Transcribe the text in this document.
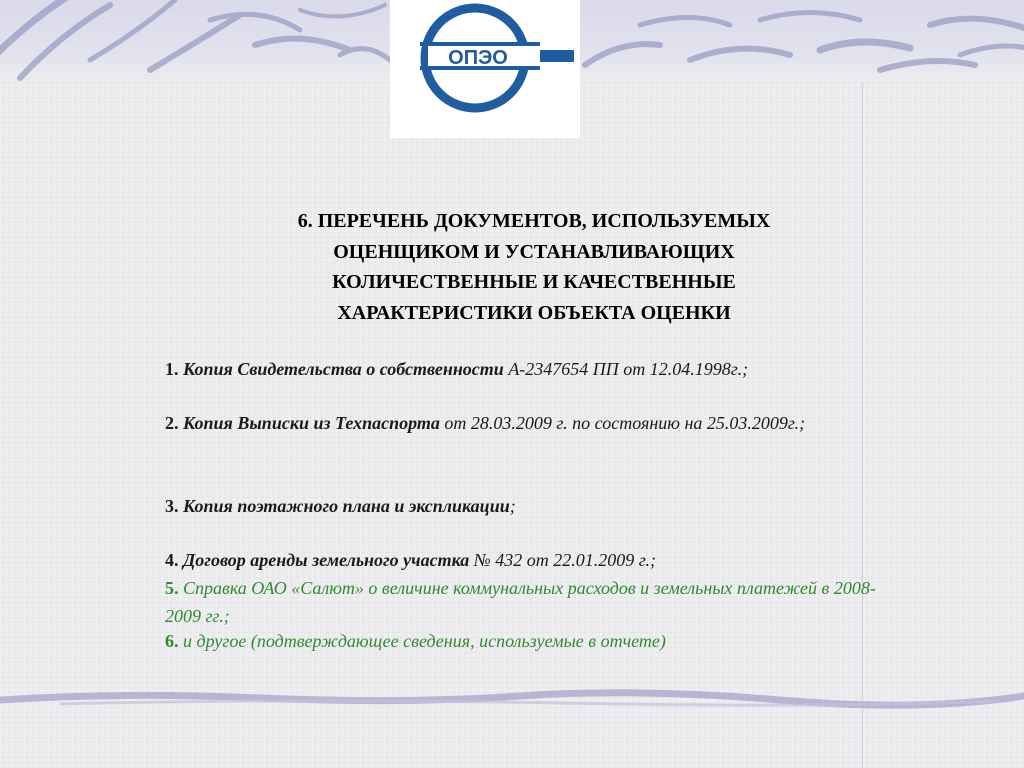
ОПЭО
6. ПЕРЕЧЕНЬ ДОКУМЕНТОВ, ИСПОЛЬЗУЕМЫХ
ОЦЕНЩИКОМ И УСТАНАВЛИВАЮЩИХ
КОЛИЧЕСТВЕННЫЕ И КАЧЕСТВЕННЫЕ
ХАРАКТЕРИСТИКИ ОБЪЕКТА ОЦЕНКИ
1. Копия Свидетельства о собственности А-2347654 ПП от 12.04.1998г.;
2. Копия Выписки из Техпаспорта от 28.03.2009 г. по состоянию на 25.03.2009г.;
3. Копия поэтажного плана и экспликации;
4. Договор аренды земельного участка № 432 от 22.01.2009 г.;
5. Справка ОАО «Салют» о величине коммунальных расходов и земельных платежей в 2008-2009 гг.;
6. и другое (подтверждающее сведения, используемые в отчете)
